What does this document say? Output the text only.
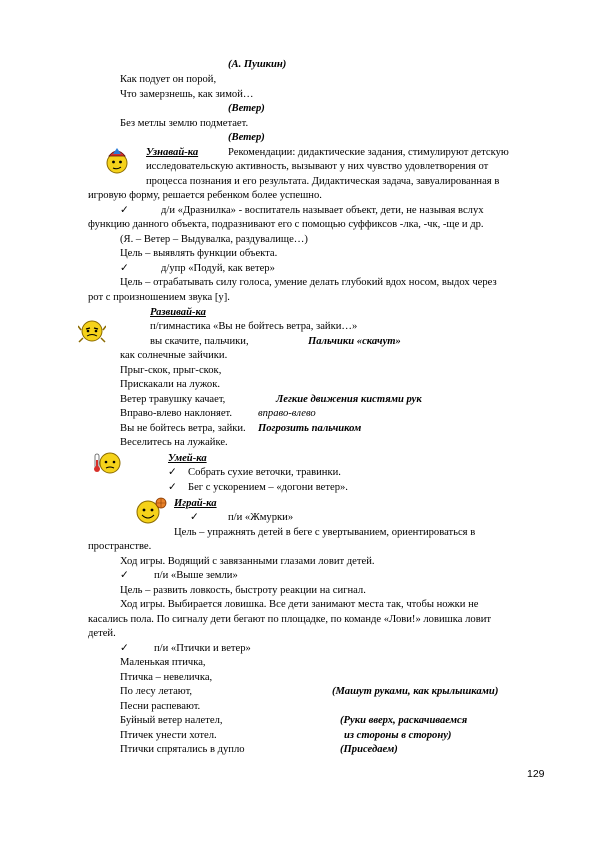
(А. Пушкин)
Как подует он порой,
Что замерзнешь, как зимой…
(Ветер)
Без метлы землю подметает.
(Ветер)
Узнавай-ка	Рекомендации: дидактические задания, стимулируют детскую
исследовательскую активность, вызывают у них чувство удовлетворения от
процесса познания и его результата. Дидактическая задача, завуалированная в
игровую форму, решается ребенком более успешно.
✓	д/и «Дразнилка» - воспитатель называет объект, дети, не называя вслух
функцию данного объекта, подразнивают его с помощью суффиксов -лка, -чк, -ще и др.
(Я. – Ветер – Выдувалка, раздувалище…)
Цель – выявлять функции объекта.
✓	д/упр «Подуй, как ветер»
Цель – отрабатывать силу голоса, умение делать глубокий вдох носом, выдох через
рот с произношением звука [у].
Развивай-ка
п/гимнастика «Вы не бойтесь ветра, зайки…»
вы скачите, пальчики,	Пальчики «скачут»
как солнечные зайчики.
Прыг-скок, прыг-скок,
Прискакали на лужок.
Ветер травушку качает,	Легкие движения кистями рук
Вправо-влево наклоняет. вправо-влево
Вы не бойтесь ветра, зайки. Погрозить пальчиком
Веселитесь на лужайке.
Умей-ка
✓ Собрать сухие веточки, травинки.
✓ Бег с ускорением – «догони ветер».
Играй-ка
✓	п/и «Жмурки»
Цель – упражнять детей в беге с увертыванием, ориентироваться в
пространстве.
Ход игры. Водящий с завязанными глазами ловит детей.
✓ п/и «Выше земли»
Цель – развить ловкость, быстроту реакции на сигнал.
Ход игры. Выбирается ловишка. Все дети занимают места так, чтобы ножки не
касались пола. По сигналу дети бегают по площадке, по команде «Лови!» ловишка ловит
детей.
✓ п/и «Птички и ветер»
Маленькая птичка,
Птичка – невеличка,
По лесу летают,	(Машут руками, как крылышками)
Песни распевают.
Буйный ветер налетел,	(Руки вверх, раскачиваемся
Птичек унести хотел.	из стороны в сторону)
Птички спрятались в дупло	(Приседаем)
129
